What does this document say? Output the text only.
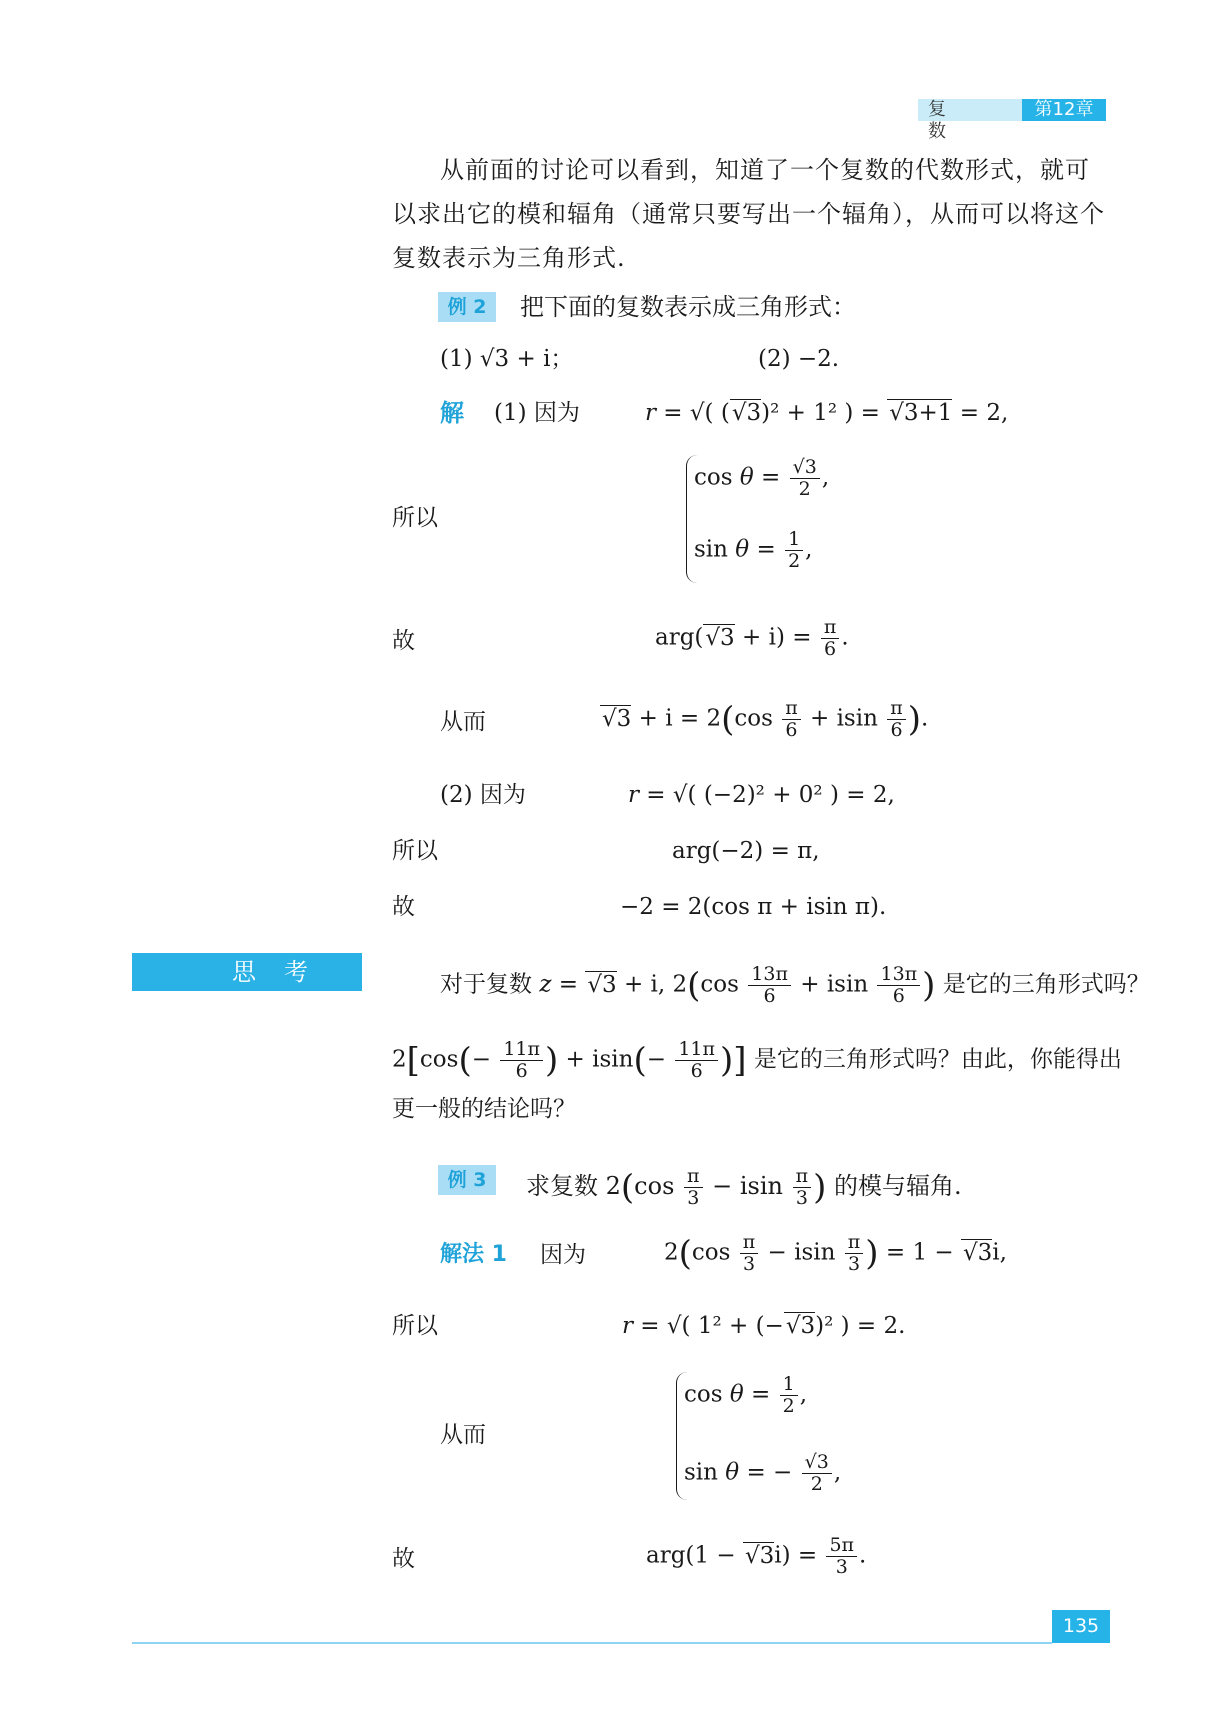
复 数
第12章
从前面的讨论可以看到，知道了一个复数的代数形式，就可以求出它的模和辐角（通常只要写出一个辐角），从而可以将这个复数表示为三角形式.
例 2	把下面的复数表示成三角形式：
(1) √3 + i；	(2) −2.
解 (1) 因为	r = √( (√3)² + 1² ) = √3+1 = 2,
所以
$\cos \theta = \frac{√3}{2}$ ,
$\sin \theta = \frac{1}{2}$ ,
故	$arg(√3 + i) = \frac{\pi}{6}$ .
从而	$√3 + i = 2(\cos \frac{\pi}{6} + isin \frac{\pi}{6}$ ).
(2) 因为	r = √( (−2)² + 0² ) = 2,
所以	arg(−2) = π,
故	−2 = 2(cos π + isin π).
思考	对于复数 z = √3 + i, $2(\cos \frac{13\pi}{6} + isin \frac{13\pi}{6}$ ) 是它的三角形式吗？
$2[\cos(- \frac{11\pi}{6}$ ) + $isin(- \frac{11\pi}{6}$ )] 是它的三角形式吗？由此，你能得出
更一般的结论吗？
例 3	求复数 $2(\cos \frac{\pi}{3} - isin \frac{\pi}{3}$ ) 的模与辐角.
解法 1 因为	$2(\cos \frac{\pi}{3} - isin \frac{\pi}{3}$ ) = 1 − √3i,
所以	r = √( 1² + (−√3)² ) = 2.
从而
$\cos \theta = \frac{1}{2}$ ,
sin θ = − $\frac{√3}{2}$ ,
故	$arg(1 - √3i) = \frac{5\pi}{3}$ .
135
